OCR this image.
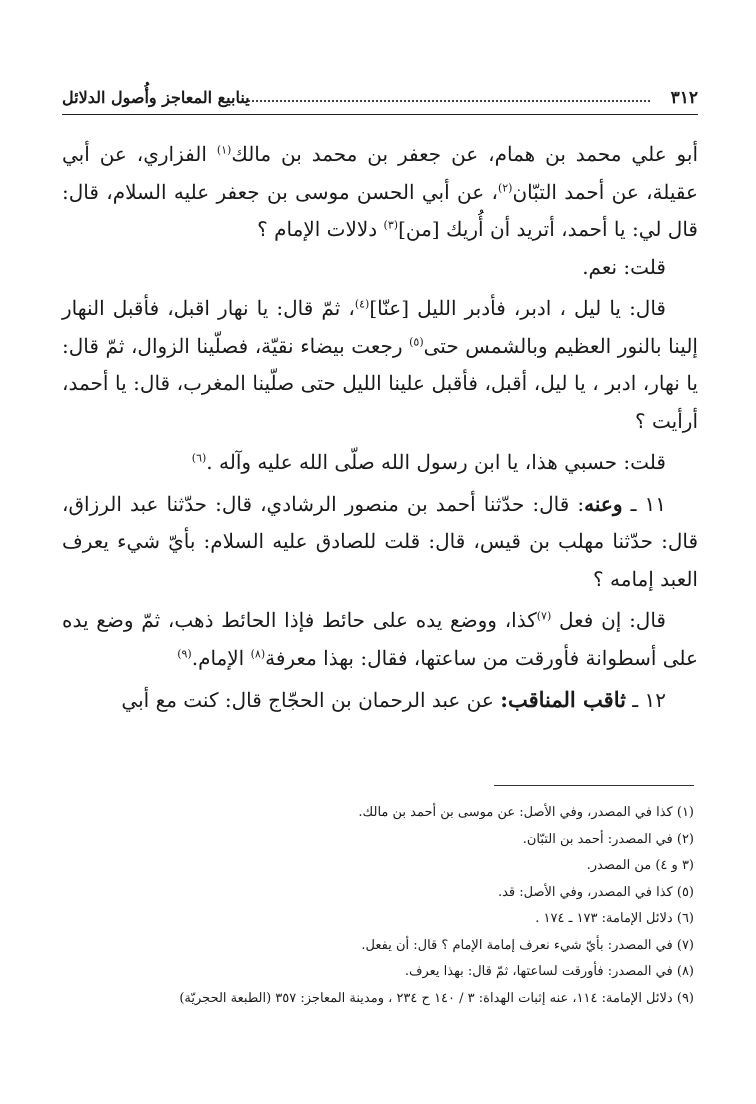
٣١٢
ينابيع المعاجز وأُصول الدلائل

أبو علي محمد بن همام، عن جعفر بن محمد بن مالك$^{(١)}$ الفزاري، عن أبي عقيلة، عن أحمد التبّان$^{(٢)}$، عن أبي الحسن موسى بن جعفر عليه السلام، قال: قال لي: يا أحمد، أتريد أن أُريك [من]$^{(٣)}$ دلالات الإمام ؟

قلت: نعم.

قال: يا ليل ، ادبر، فأدبر الليل [عنّا]$^{(٤)}$، ثمّ قال: يا نهار اقبل، فأقبل النهار إلينا بالنور العظيم وبالشمس حتى$^{(٥)}$ رجعت بيضاء نقيّة، فصلّينا الزوال، ثمّ قال: يا نهار، ادبر ، يا ليل، أقبل، فأقبل علينا الليل حتى صلّينا المغرب، قال: يا أحمد، أرأيت ؟

قلت: حسبي هذا، يا ابن رسول الله صلّى الله عليه وآله .$^{(٦)}$

١١ ـ وعنه: قال: حدّثنا أحمد بن منصور الرشادي، قال: حدّثنا عبد الرزاق، قال: حدّثنا مهلب بن قيس، قال: قلت للصادق عليه السلام: بأيّ شيء يعرف العبد إمامه ؟

قال: إن فعل $^{(٧)}$كذا، ووضع يده على حائط فإذا الحائط ذهب، ثمّ وضع يده على أسطوانة فأورقت من ساعتها، فقال: بهذا معرفة$^{(٨)}$ الإمام.$^{(٩)}$

١٢ ـ ثاقب المناقب: عن عبد الرحمان بن الحجّاج قال: كنت مع أبي

(١) كذا في المصدر، وفي الأصل: عن موسى بن أحمد بن مالك.
(٢) في المصدر: أحمد بن التبّان.
(٣ و ٤) من المصدر.
(٥) كذا في المصدر، وفي الأصل: قد.
(٦) دلائل الإمامة: ١٧٣ ـ ١٧٤ .
(٧) في المصدر: بأيّ شيء نعرف إمامة الإمام ؟ قال: أن يفعل.
(٨) في المصدر: فأورقت لساعتها، ثمّ قال: بهذا يعرف.
(٩) دلائل الإمامة: ١١٤، عنه إثبات الهداة: ٣ / ١٤٠ ح ٢٣٤ ، ومدينة المعاجز: ٣٥٧ (الطبعة الحجريّة)
